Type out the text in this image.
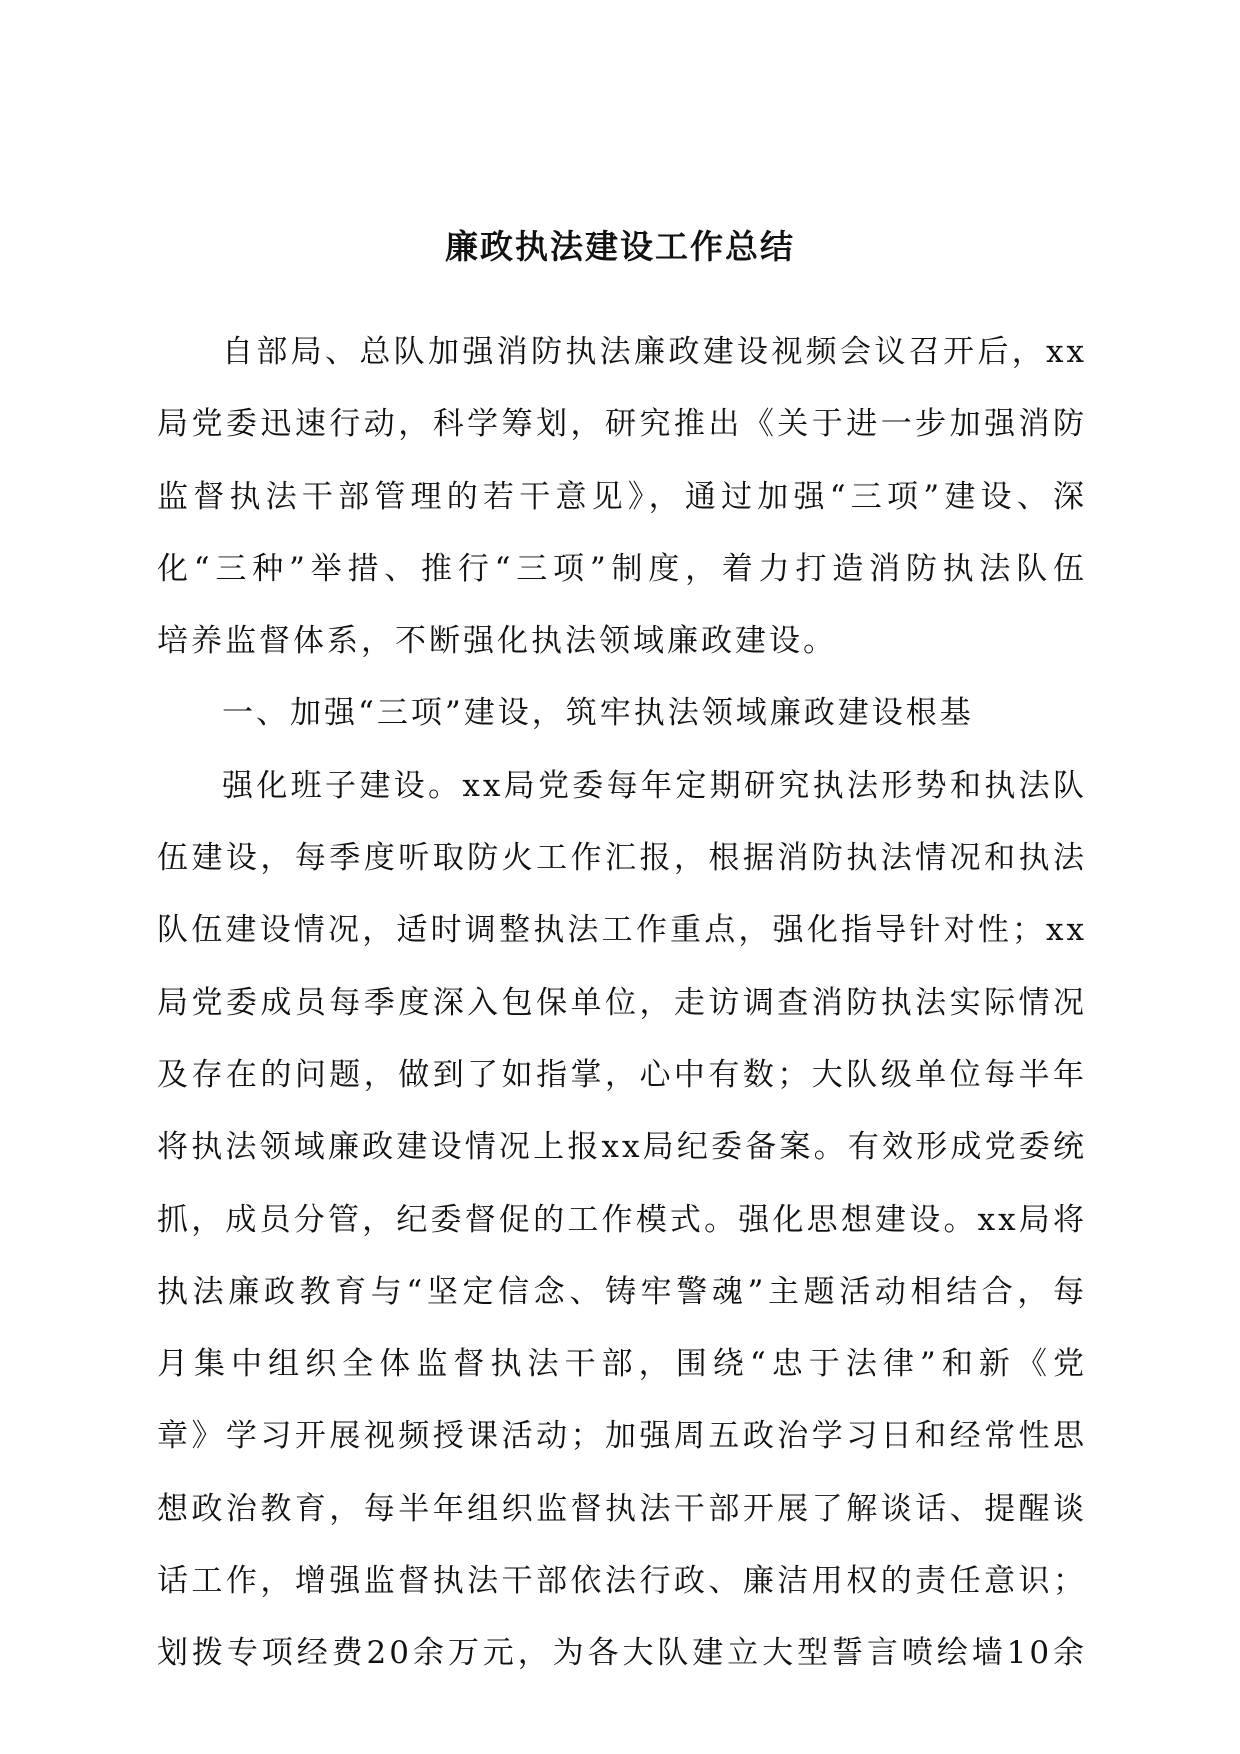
廉政执法建设工作总结
自部局、总队加强消防执法廉政建设视频会议召开后，xx
局党委迅速行动，科学筹划，研究推出《关于进一步加强消防
监督执法干部管理的若干意见》，通过加强“三项”建设、深
化“三种”举措、推行“三项”制度，着力打造消防执法队伍
培养监督体系，不断强化执法领域廉政建设。
一、加强“三项”建设，筑牢执法领域廉政建设根基
强化班子建设。xx局党委每年定期研究执法形势和执法队
伍建设，每季度听取防火工作汇报，根据消防执法情况和执法
队伍建设情况，适时调整执法工作重点，强化指导针对性；xx
局党委成员每季度深入包保单位，走访调查消防执法实际情况
及存在的问题，做到了如指掌，心中有数；大队级单位每半年
将执法领域廉政建设情况上报xx局纪委备案。有效形成党委统
抓，成员分管，纪委督促的工作模式。强化思想建设。xx局将
执法廉政教育与“坚定信念、铸牢警魂”主题活动相结合，每
月集中组织全体监督执法干部，围绕“忠于法律”和新《党
章》学习开展视频授课活动；加强周五政治学习日和经常性思
想政治教育，每半年组织监督执法干部开展了解谈话、提醒谈
话工作，增强监督执法干部依法行政、廉洁用权的责任意识；
划拨专项经费20余万元，为各大队建立大型誓言喷绘墙10余
